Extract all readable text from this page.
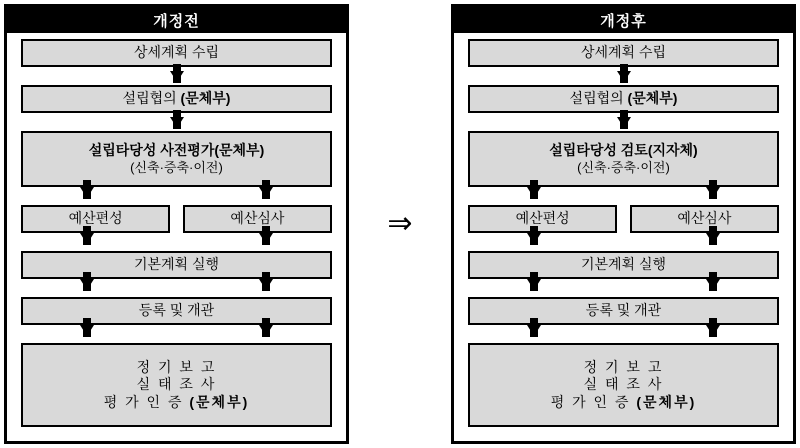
개정전
상세계획 수립
설립협의 (문체부)
설립타당성 사전평가(문체부)
(신축·증축·이전)
예산편성	예산심사
기본계획 실행
등록 및 개관
정 기 보 고
실 태 조 사
평 가 인 증 (문체부)
⇒
개정후
상세계획 수립
설립협의 (문체부)
설립타당성 검토(지자체)
(신축·증축·이전)
예산편성	예산심사
기본계획 실행
등록 및 개관
정 기 보 고
실 태 조 사
평 가 인 증 (문체부)
